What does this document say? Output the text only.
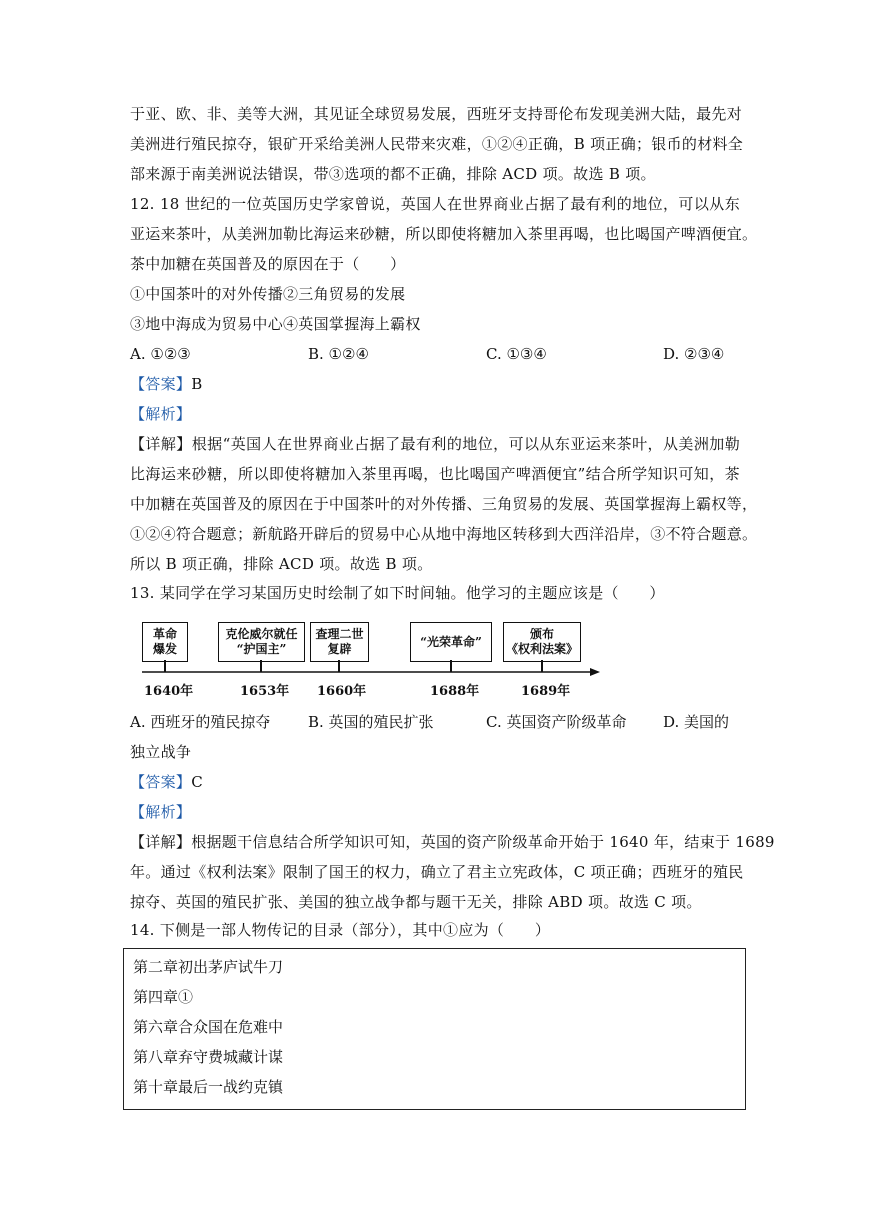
于亚、欧、非、美等大洲，其见证全球贸易发展，西班牙支持哥伦布发现美洲大陆，最先对
美洲进行殖民掠夺，银矿开采给美洲人民带来灾难，①②④正确，B 项正确；银币的材料全
部来源于南美洲说法错误，带③选项的都不正确，排除 ACD 项。故选 B 项。
12. 18 世纪的一位英国历史学家曾说，英国人在世界商业占据了最有利的地位，可以从东
亚运来茶叶，从美洲加勒比海运来砂糖，所以即使将糖加入茶里再喝，也比喝国产啤酒便宜。
茶中加糖在英国普及的原因在于（　　）
①中国茶叶的对外传播②三角贸易的发展
③地中海成为贸易中心④英国掌握海上霸权
A. ①②③	B. ①②④	C. ①③④	D. ②③④
【答案】B
【解析】
【详解】根据“英国人在世界商业占据了最有利的地位，可以从东亚运来茶叶，从美洲加勒
比海运来砂糖，所以即使将糖加入茶里再喝，也比喝国产啤酒便宜”结合所学知识可知，茶
中加糖在英国普及的原因在于中国茶叶的对外传播、三角贸易的发展、英国掌握海上霸权等，
①②④符合题意；新航路开辟后的贸易中心从地中海地区转移到大西洋沿岸，③不符合题意。
所以 B 项正确，排除 ACD 项。故选 B 项。
13. 某同学在学习某国历史时绘制了如下时间轴。他学习的主题应该是（　　）
革命
爆发
克伦威尔就任
“护国主”
查理二世
复辟
“光荣革命”
颁布
《权利法案》
1640年	1653年 1660年	1688年	1689年
A. 西班牙的殖民掠夺	B. 英国的殖民扩张	C. 英国资产阶级革命 D. 美国的
独立战争
【答案】C
【解析】
【详解】根据题干信息结合所学知识可知，英国的资产阶级革命开始于 1640 年，结束于 1689
年。通过《权利法案》限制了国王的权力，确立了君主立宪政体，C 项正确；西班牙的殖民
掠夺、英国的殖民扩张、美国的独立战争都与题干无关，排除 ABD 项。故选 C 项。
14. 下侧是一部人物传记的目录（部分），其中①应为（　　）
第二章初出茅庐试牛刀
第四章①
第六章合众国在危难中
第八章弃守费城藏计谋
第十章最后一战约克镇
